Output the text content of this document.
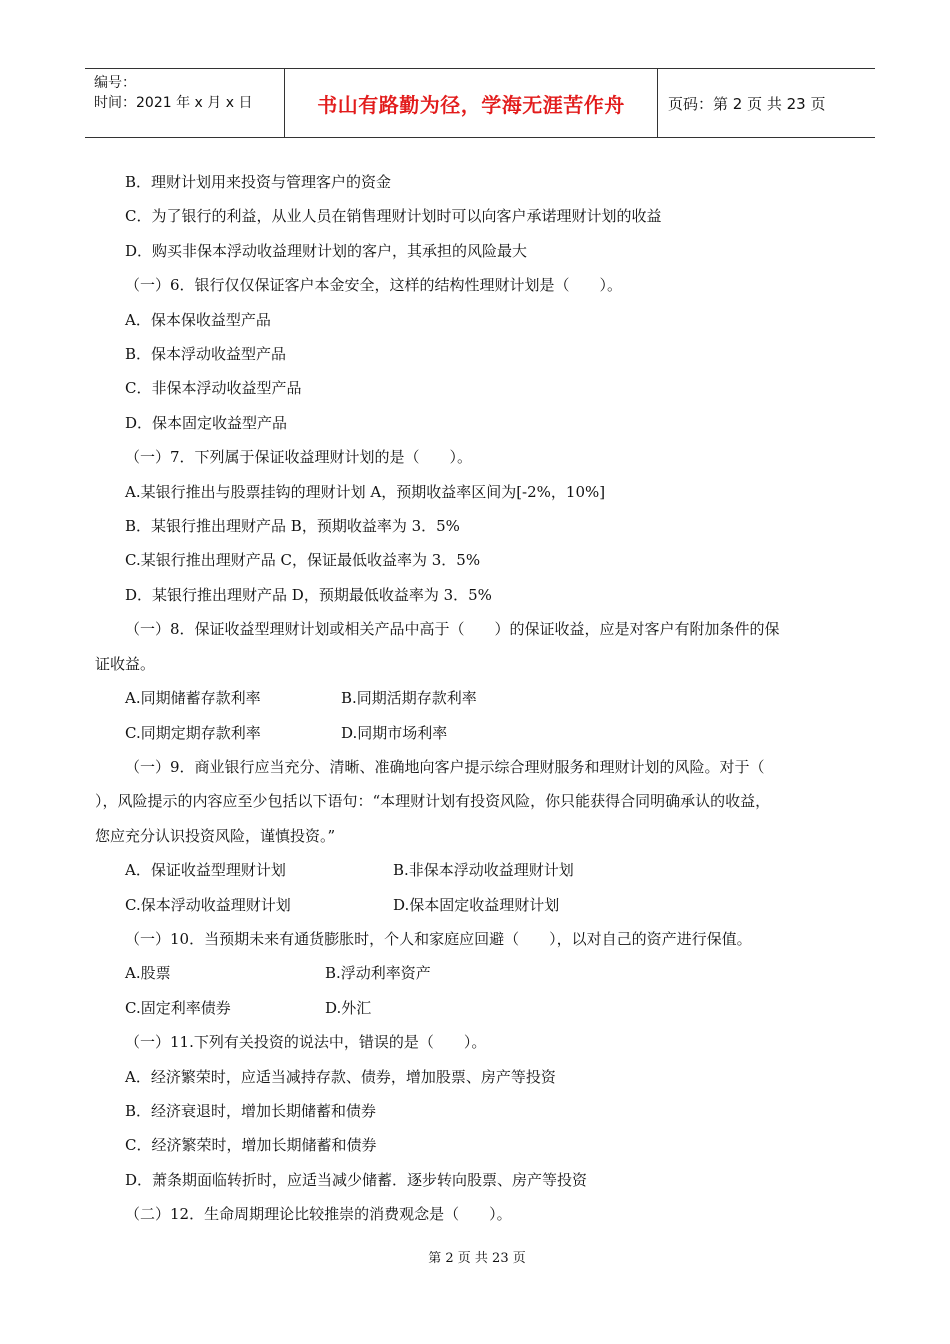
编号：
时间：2021 年 x 月 x 日	书山有路勤为径，学海无涯苦作舟	页码：第 2 页 共 23 页
B．理财计划用来投资与管理客户的资金
C．为了银行的利益，从业人员在销售理财计划时可以向客户承诺理财计划的收益
D．购买非保本浮动收益理财计划的客户，其承担的风险最大
（一）6．银行仅仅保证客户本金安全，这样的结构性理财计划是（　　）。
A．保本保收益型产品
B．保本浮动收益型产品
C．非保本浮动收益型产品
D．保本固定收益型产品
（一）7．下列属于保证收益理财计划的是（　　）。
A.某银行推出与股票挂钩的理财计划 A，预期收益率区间为[-2%，10%]
B．某银行推出理财产品 B，预期收益率为 3．5%
C.某银行推出理财产品 C，保证最低收益率为 3．5%
D．某银行推出理财产品 D，预期最低收益率为 3．5%
（一）8．保证收益型理财计划或相关产品中高于（　　）的保证收益，应是对客户有附加条件的保
证收益。
A.同期储蓄存款利率	B.同期活期存款利率
C.同期定期存款利率	D.同期市场利率
（一）9．商业银行应当充分、清晰、准确地向客户提示综合理财服务和理财计划的风险。对于（
），风险提示的内容应至少包括以下语句：“本理财计划有投资风险，你只能获得合同明确承认的收益，
您应充分认识投资风险，谨慎投资。”
A．保证收益型理财计划	B.非保本浮动收益理财计划
C.保本浮动收益理财计划	D.保本固定收益理财计划
（一）10．当预期未来有通货膨胀时，个人和家庭应回避（　　），以对自己的资产进行保值。
A.股票	B.浮动利率资产
C.固定利率债券	D.外汇
（一）11.下列有关投资的说法中，错误的是（　　）。
A．经济繁荣时，应适当减持存款、债券，增加股票、房产等投资
B．经济衰退时，增加长期储蓄和债券
C．经济繁荣时，增加长期储蓄和债券
D．萧条期面临转折时，应适当减少储蓄．逐步转向股票、房产等投资
（二）12．生命周期理论比较推崇的消费观念是（　　）。
第 2 页 共 23 页
